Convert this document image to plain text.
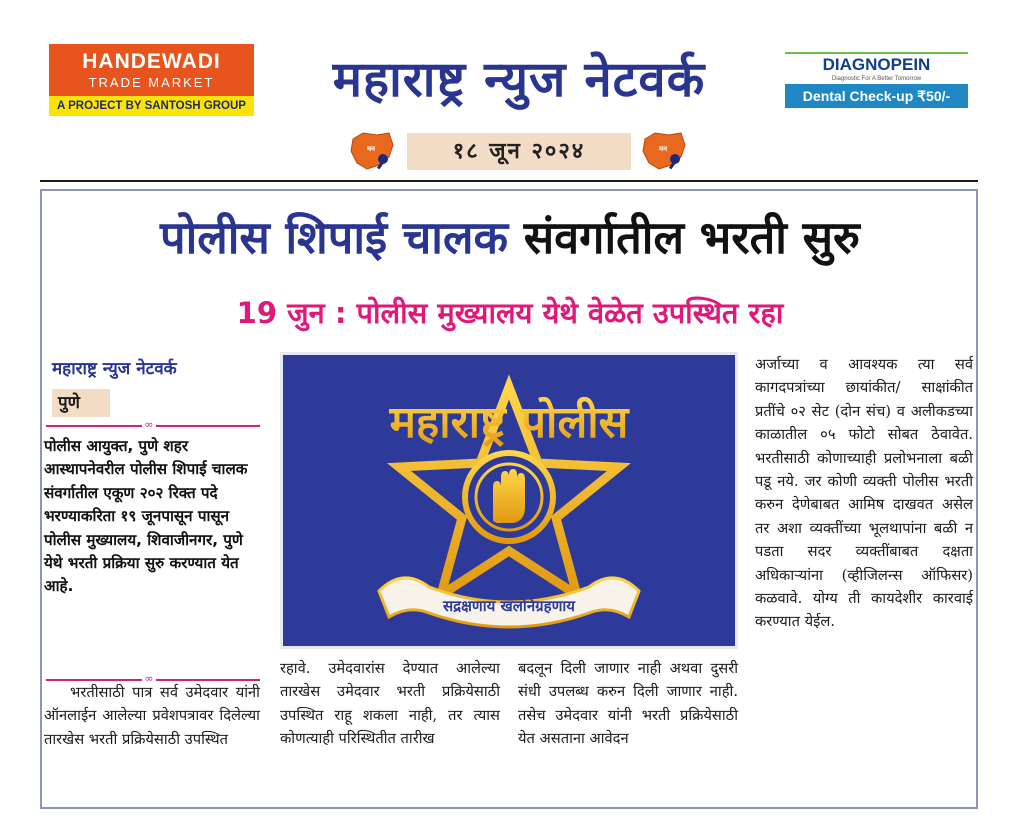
HANDEWADI
TRADE MARKET
A PROJECT BY SANTOSH GROUP	महाराष्ट्र न्युज नेटवर्क	DIAGNOPEIN
Diagnostic For A Better Tomorrow
Dental Check-up ₹50/-
मन	१८ जून २०२४	मन
पोलीस शिपाई चालक संवर्गातील भरती सुरु
19 जुन : पोलीस मुख्यालय येथे वेळेत उपस्थित रहा
महाराष्ट्र न्युज नेटवर्क
पुणे
∞
पोलीस आयुक्त, पुणे शहर आस्थापनेवरील पोलीस शिपाई चालक संवर्गातील एकूण २०२ रिक्त पदे भरण्याकरिता १९ जूनपासून पासून पोलीस मुख्यालय, शिवाजीनगर, पुणे येथे भरती प्रक्रिया सुरु करण्यात येत आहे.
∞
भरतीसाठी पात्र सर्व उमेदवार यांनी ऑनलाईन आलेल्या प्रवेशपत्रावर दिलेल्या तारखेस भरती प्रक्रियेसाठी उपस्थित
रहावे. उमेदवारांस देण्यात आलेल्या तारखेस उमेदवार भरती प्रक्रियेसाठी उपस्थित राहू शकला नाही, तर त्यास कोणत्याही परिस्थितीत तारीख
बदलून दिली जाणार नाही अथवा दुसरी संधी उपलब्ध करुन दिली जाणार नाही. तसेच उमेदवार यांनी भरती प्रक्रियेसाठी येत असताना आवेदन
अर्जाच्या व आवश्यक त्या सर्व कागदपत्रांच्या छायांकीत/ साक्षांकीत प्रतींचे ०२ सेट (दोन संच) व अलीकडच्या काळातील ०५ फोटो सोबत ठेवावेत. भरतीसाठी कोणाच्याही प्रलोभनाला बळी पडू नये. जर कोणी व्यक्ती पोलीस भरती करुन देणेबाबत आमिष दाखवत असेल तर अशा व्यक्तींच्या भूलथापांना बळी न पडता सदर व्यक्तींबाबत दक्षता अधिकाऱ्यांना (व्हीजिलन्स ऑफिसर) कळवावे. योग्य ती कायदेशीर कारवाई करण्यात येईल.
महाराष्ट्र पोलीस
सद्रक्षणाय खलनिग्रहणाय
